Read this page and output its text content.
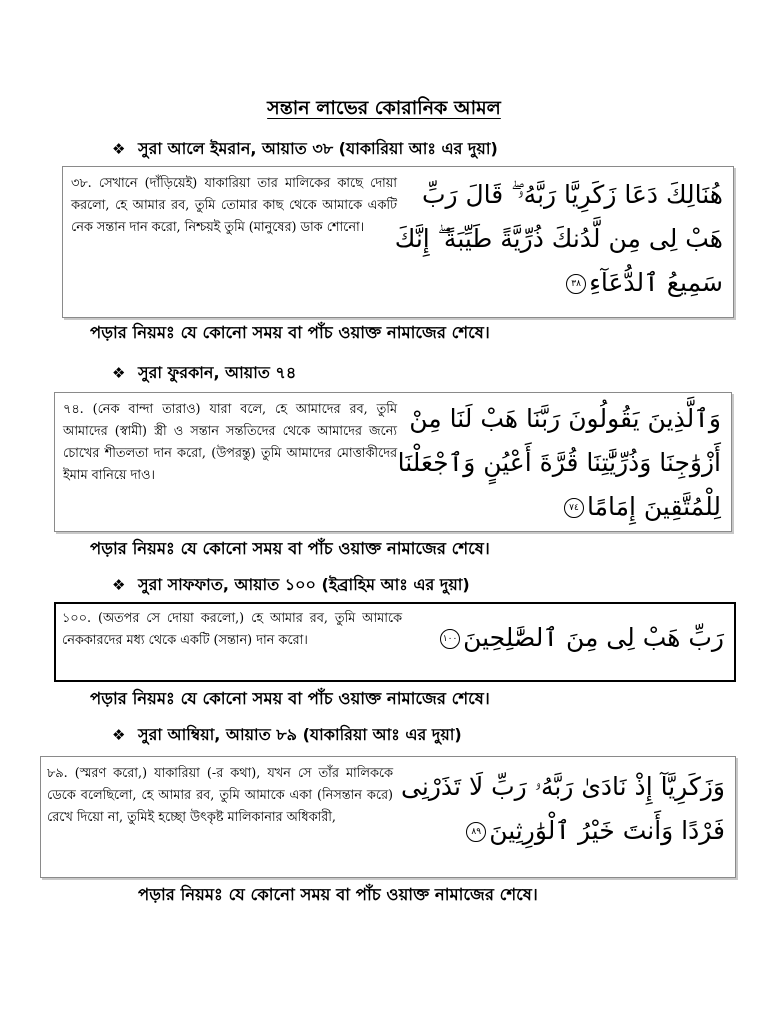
সন্তান লাভের কোরানিক আমল
❖ সুরা আলে ইমরান, আয়াত ৩৮ (যাকারিয়া আঃ এর দুয়া)
৩৮. সেখানে (দাঁড়িয়েই) যাকারিয়া তার মালিকের কাছে দোয়া করলো, হে আমার রব, তুমি তোমার কাছ থেকে আমাকে একটি নেক সন্তান দান করো, নিশ্চয়ই তুমি (মানুষের) ডাক শোনো।
هُنَالِكَ دَعَا زَكَرِيَّا رَبَّهُۥ ۖ قَالَ رَبِّ
هَبْ لِى مِن لَّدُنكَ ذُرِّيَّةً طَيِّبَةً ۖ إِنَّكَ
سَمِيعُ ٱلدُّعَآءِ٣٨
পড়ার নিয়মঃ যে কোনো সময় বা পাঁচ ওয়াক্ত নামাজের শেষে।
❖ সুরা ফুরকান, আয়াত ৭৪
৭৪. (নেক বান্দা তারাও) যারা বলে, হে আমাদের রব, তুমি আমাদের (স্বামী) স্ত্রী ও সন্তান সন্ততিদের থেকে আমাদের জন্যে চোখের শীতলতা দান করো, (উপরন্তু) তুমি আমাদের মোত্তাকীদের ইমাম বানিয়ে দাও।
وَٱلَّذِينَ يَقُولُونَ رَبَّنَا هَبْ لَنَا مِنْ
أَزْوَٰجِنَا وَذُرِّيَّٰتِنَا قُرَّةَ أَعْيُنٍ وَٱجْعَلْنَا
لِلْمُتَّقِينَ إِمَامًا٧٤
পড়ার নিয়মঃ যে কোনো সময় বা পাঁচ ওয়াক্ত নামাজের শেষে।
❖ সুরা সাফফাত, আয়াত ১০০ (ইব্রাহিম আঃ এর দুয়া)
১০০. (অতপর সে দোয়া করলো,) হে আমার রব, তুমি আমাকে নেককারদের মধ্য থেকে একটি (সন্তান) দান করো।	رَبِّ هَبْ لِى مِنَ ٱلصَّٰلِحِينَ١٠٠
পড়ার নিয়মঃ যে কোনো সময় বা পাঁচ ওয়াক্ত নামাজের শেষে।
❖ সুরা আম্বিয়া, আয়াত ৮৯ (যাকারিয়া আঃ এর দুয়া)
৮৯. (স্মরণ করো,) যাকারিয়া (-র কথা), যখন সে তাঁর মালিককে ডেকে বলেছিলো, হে আমার রব, তুমি আমাকে একা (নিসন্তান করে) রেখে দিয়ো না, তুমিই হচ্ছো উৎকৃষ্ট মালিকানার অধিকারী,
وَزَكَرِيَّآ إِذْ نَادَىٰ رَبَّهُۥ رَبِّ لَا تَذَرْنِى
فَرْدًا وَأَنتَ خَيْرُ ٱلْوَٰرِثِينَ٨٩
পড়ার নিয়মঃ যে কোনো সময় বা পাঁচ ওয়াক্ত নামাজের শেষে।
